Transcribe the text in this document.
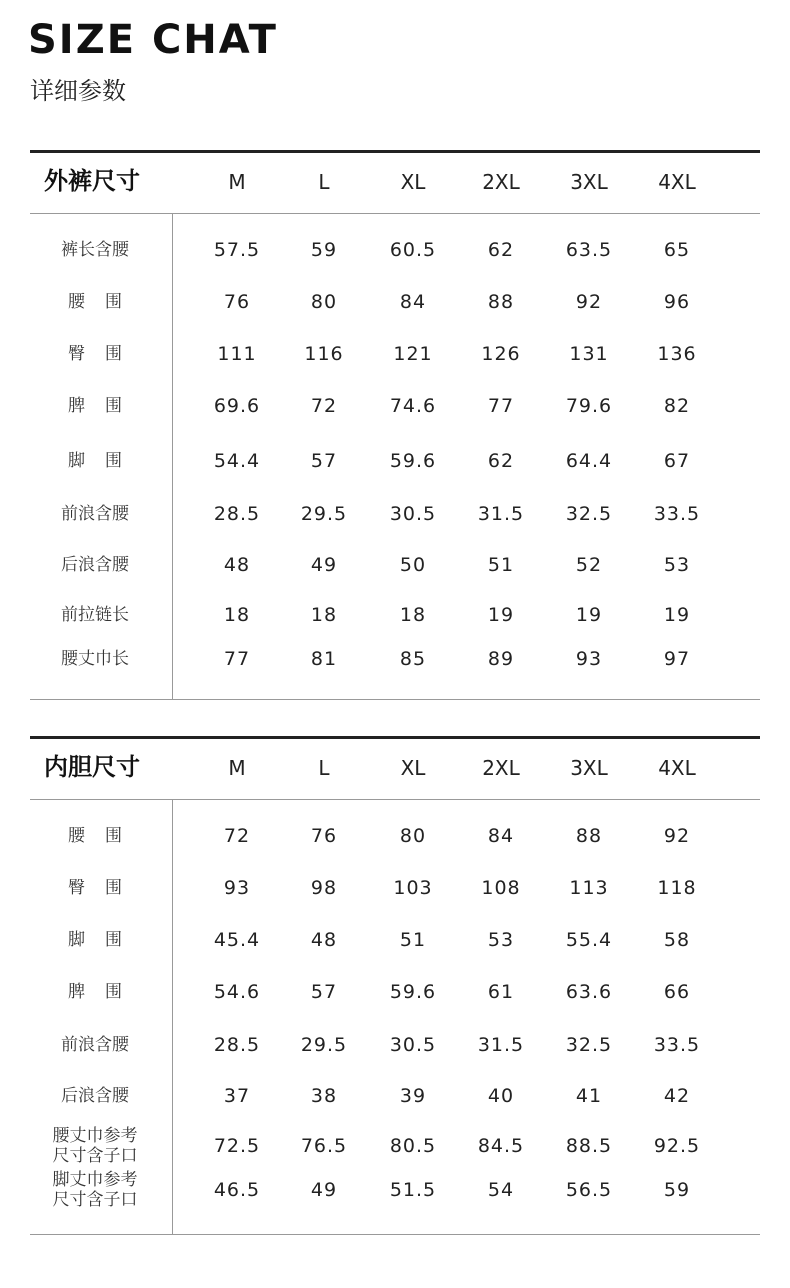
SIZE CHAT
详细参数
外裤尺寸	M	L	XL	2XL	3XL	4XL
裤长含腰	57.5	59	60.5	62	63.5	65
腰围	76	80	84	88	92	96
臀围	111	116	121	126	131	136
脾围	69.6	72	74.6	77	79.6	82
脚围	54.4	57	59.6	62	64.4	67
前浪含腰	28.5	29.5	30.5	31.5	32.5	33.5
后浪含腰	48	49	50	51	52	53
前拉链长	18	18	18	19	19	19
腰丈巾长	77	81	85	89	93	97
内胆尺寸	M	L	XL	2XL	3XL	4XL
腰围	72	76	80	84	88	92
臀围	93	98	103	108	113	118
脚围	45.4	48	51	53	55.4	58
脾围	54.6	57	59.6	61	63.6	66
前浪含腰	28.5	29.5	30.5	31.5	32.5	33.5
后浪含腰	37	38	39	40	41	42
腰丈巾参考
尺寸含子口	72.5	76.5	80.5	84.5	88.5	92.5
脚丈巾参考
尺寸含子口	46.5	49	51.5	54	56.5	59
